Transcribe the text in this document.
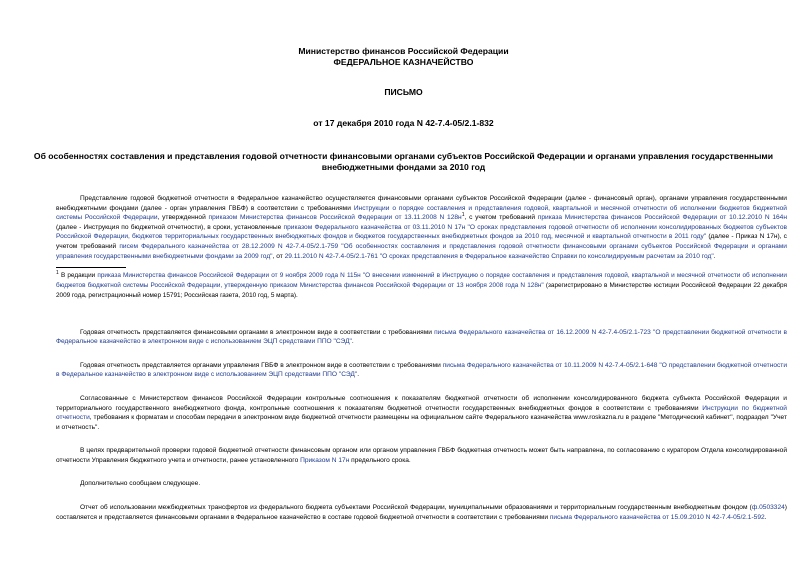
Министерство финансов Российской Федерации
ФЕДЕРАЛЬНОЕ КАЗНАЧЕЙСТВО
ПИСЬМО
от 17 декабря 2010 года N 42-7.4-05/2.1-832
Об особенностях составления и представления годовой отчетности финансовыми органами субъектов Российской Федерации и органами управления государственными внебюджетными фондами за 2010 год

Представление годовой бюджетной отчетности в Федеральное казначейство осуществляется финансовыми органами субъектов Российской Федерации (далее - финансовый орган), органами управления государственными внебюджетными фондами (далее - орган управления ГВБФ) в соответствии с требованиями Инструкции о порядке составления и представления годовой, квартальной и месячной отчетности об исполнении бюджетов бюджетной системы Российской Федерации, утвержденной приказом Министерства финансов Российской Федерации от 13.11.2008 N $128н^1$, с учетом требований приказа Министерства финансов Российской Федерации от 10.12.2010 N 164н (далее - Инструкция по бюджетной отчетности), в сроки, установленные приказом Федерального казначейства от 03.11.2010 N 17н "О сроках представления годовой отчетности об исполнении консолидированных бюджетов субъектов Российской Федерации, бюджетов территориальных государственных внебюджетных фондов и бюджетов государственных внебюджетных фондов за 2010 год, месячной и квартальной отчетности в 2011 году" (далее - Приказ N 17н), с учетом требований писем Федерального казначейства от 28.12.2009 N 42-7.4-05/2.1-759 "Об особенностях составления и представления годовой отчетности финансовыми органами субъектов Российской Федерации и органами управления государственными внебюджетными фондами за 2009 год", от 29.11.2010 N 42-7.4-05/2.1-761 "О сроках представления в Федеральное казначейство Справки по консолидируемым расчетам за 2010 год".

$^1$ В редакции приказа Министерства финансов Российской Федерации от 9 ноября 2009 года N 115н "О внесении изменений в Инструкцию о порядке составления и представления годовой, квартальной и месячной отчетности об исполнении бюджетов бюджетной системы Российской Федерации, утвержденную приказом Министерства финансов Российской Федерации от 13 ноября 2008 года N 128н" (зарегистрировано в Министерстве юстиции Российской Федерации 22 декабря 2009 года, регистрационный номер 15791; Российская газета, 2010 год, 5 марта).

Годовая отчетность представляется финансовыми органами в электронном виде в соответствии с требованиями письма Федерального казначейства от 16.12.2009 N 42-7.4-05/2.1-723 "О представлении бюджетной отчетности в Федеральное казначейство в электронном виде с использованием ЭЦП средствами ППО "СЭД".

Годовая отчетность представляется органами управления ГВБФ в электронном виде в соответствии с требованиями письма Федерального казначейства от 10.11.2009 N 42-7.4-05/2.1-648 "О представлении бюджетной отчетности в Федеральное казначейство в электронном виде с использованием ЭЦП средствами ППО "СЭД".

Согласованные с Министерством финансов Российской Федерации контрольные соотношения к показателям бюджетной отчетности об исполнении консолидированного бюджета субъекта Российской Федерации и территориального государственного внебюджетного фонда, контрольные соотношения к показателям бюджетной отчетности государственных внебюджетных фондов в соответствии с требованиями Инструкции по бюджетной отчетности, требования к форматам и способам передачи в электронном виде бюджетной отчетности размещены на официальном сайте Федерального казначейства www.roskazna.ru в разделе "Методический кабинет", подраздел "Учет и отчетность".

В целях предварительной проверки годовой бюджетной отчетности финансовым органом или органом управления ГВБФ бюджетная отчетность может быть направлена, по согласованию с куратором Отдела консолидированной отчетности Управления бюджетного учета и отчетности, ранее установленного Приказом N 17н предельного срока.

Дополнительно сообщаем следующее.

Отчет об использовании межбюджетных трансфертов из федерального бюджета субъектами Российской Федерации, муниципальными образованиями и территориальным государственным внебюджетным фондом (ф.0503324) составляется и представляется финансовыми органами в Федеральное казначейство в составе годовой бюджетной отчетности в соответствии с требованиями письма Федерального казначейства от 15.09.2010 N 42-7.4-05/2.1-592.
